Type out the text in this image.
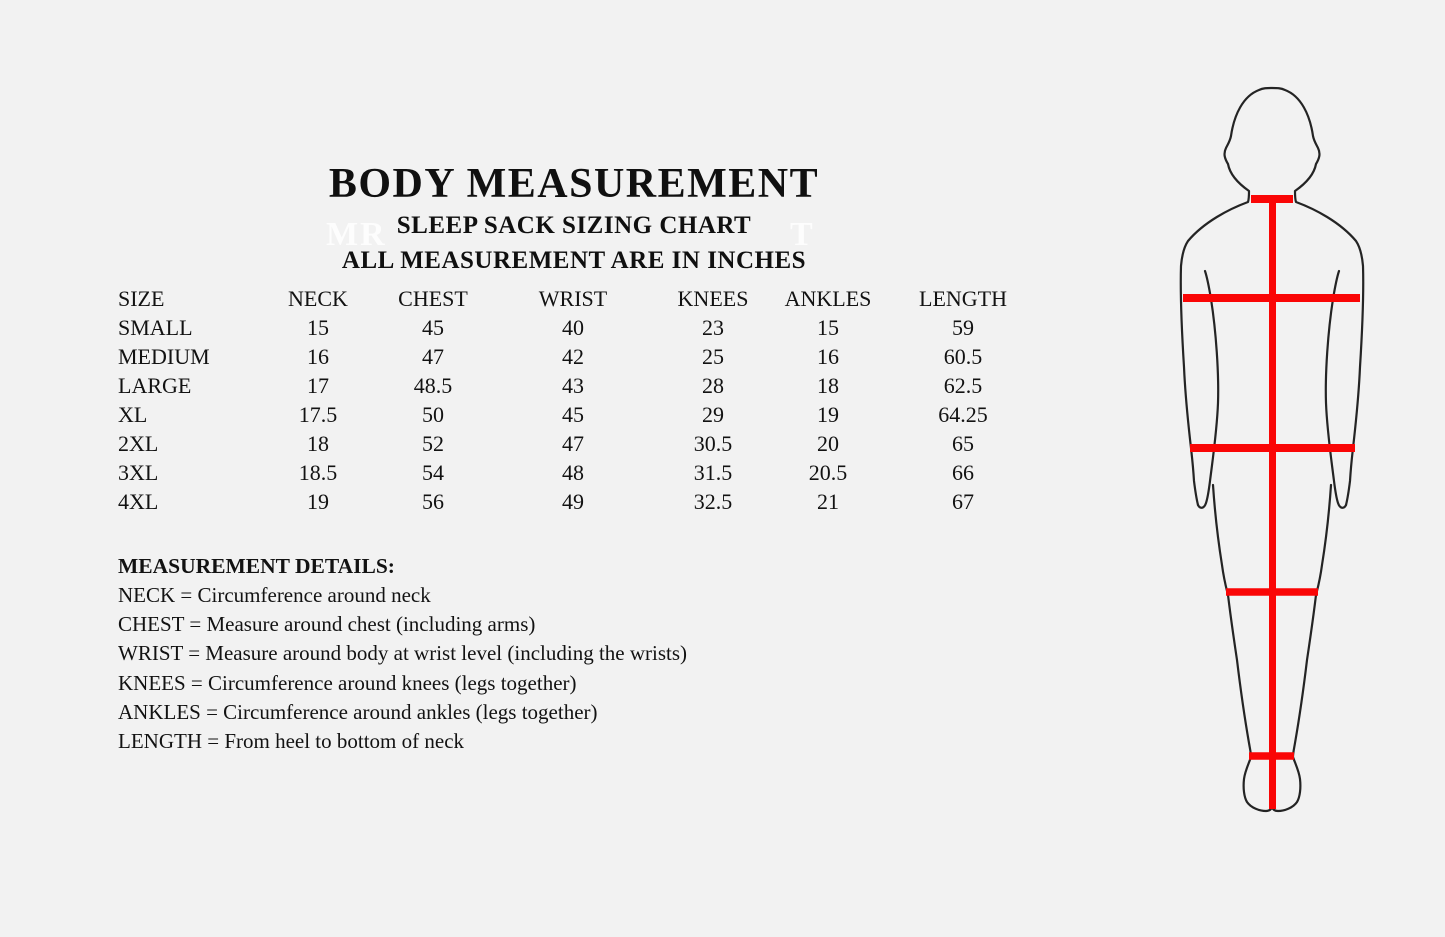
MR	T
BODY MEASUREMENT
SLEEP SACK SIZING CHART
ALL MEASUREMENT ARE IN INCHES
SIZE	NECK	CHEST	WRIST	KNEES	ANKLES	LENGTH
SMALL	15	45	40	23	15	59
MEDIUM	16	47	42	25	16	60.5
LARGE	17	48.5	43	28	18	62.5
XL	17.5	50	45	29	19	64.25
2XL	18	52	47	30.5	20	65
3XL	18.5	54	48	31.5	20.5	66
4XL	19	56	49	32.5	21	67
MEASUREMENT DETAILS:
NECK = Circumference around neck
CHEST = Measure around chest (including arms)
WRIST = Measure around body at wrist level (including the wrists)
KNEES = Circumference around knees (legs together)
ANKLES = Circumference around ankles (legs together)
LENGTH = From heel to bottom of neck
